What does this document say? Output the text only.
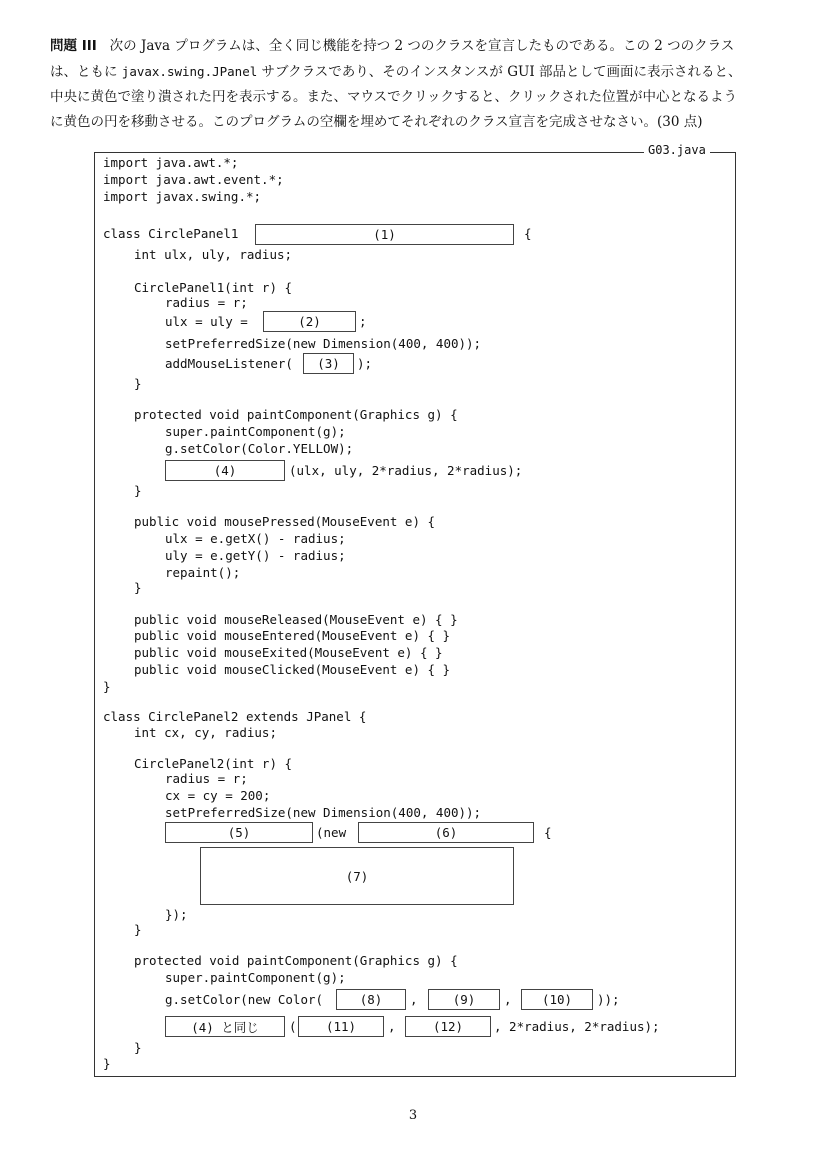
問題 III 次の Java プログラムは、全く同じ機能を持つ 2 つのクラスを宣言したものである。この 2 つのクラス
は、ともに javax.swing.JPanel サブクラスであり、そのインスタンスが GUI 部品として画面に表示されると、
中央に黄色で塗り潰された円を表示する。また、マウスでクリックすると、クリックされた位置が中心となるよう
に黄色の円を移動させる。このプログラムの空欄を埋めてそれぞれのクラス宣言を完成させなさい。(30 点)
G03.java
import java.awt.*;
import java.awt.event.*;
import javax.swing.*;
class CirclePanel1	(1)	{
int ulx, uly, radius;
CirclePanel1(int r) {
radius = r;
ulx = uly =	(2)	;
setPreferredSize(new Dimension(400, 400));
addMouseListener(	(3)	);
}
protected void paintComponent(Graphics g) {
super.paintComponent(g);
g.setColor(Color.YELLOW);
(4)	(ulx, uly, 2*radius, 2*radius);
}
public void mousePressed(MouseEvent e) {
ulx = e.getX() - radius;
uly = e.getY() - radius;
repaint();
}
public void mouseReleased(MouseEvent e) { }
public void mouseEntered(MouseEvent e) { }
public void mouseExited(MouseEvent e) { }
public void mouseClicked(MouseEvent e) { }
}
class CirclePanel2 extends JPanel {
int cx, cy, radius;
CirclePanel2(int r) {
radius = r;
cx = cy = 200;
setPreferredSize(new Dimension(400, 400));
(5)	(new	(6)	{
(7)
});
}
protected void paintComponent(Graphics g) {
super.paintComponent(g);
g.setColor(new Color(	(8)	,	(9)	,	(10)	));
(4) と同じ	(	(11)	,	(12)	, 2*radius, 2*radius);
}
}
3
